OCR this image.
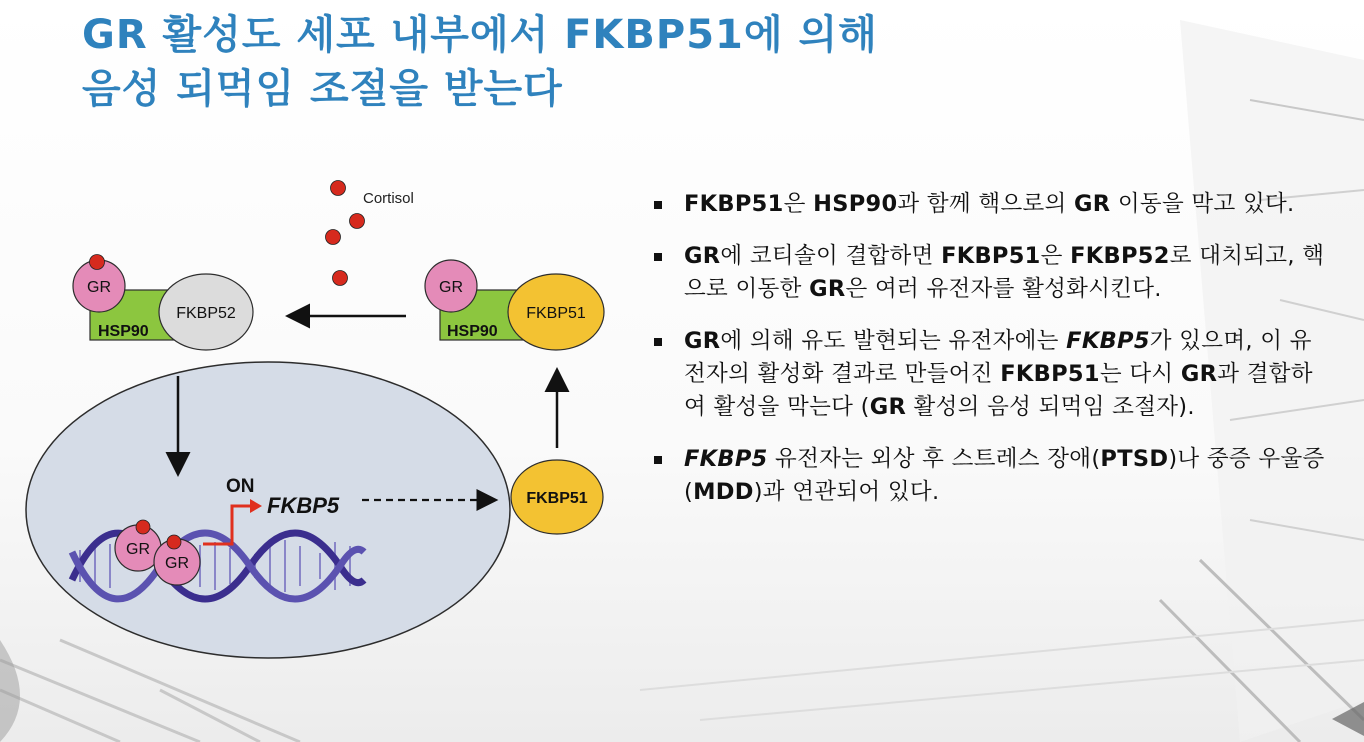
GR 활성도 세포 내부에서 FKBP51에 의해
음성 되먹임 조절을 받는다
Cortisol
GR
HSP90
FKBP52
GR
HSP90
FKBP51
FKBP51
GR
GR
ON
FKBP5
FKBP51은 HSP90과 함께 핵으로의 GR 이동을 막고 있다.
GR에 코티솔이 결합하면 FKBP51은 FKBP52로 대치되고, 핵으로 이동한 GR은 여러 유전자를 활성화시킨다.
GR에 의해 유도 발현되는 유전자에는 FKBP5가 있으며, 이 유전자의 활성화 결과로 만들어진 FKBP51는 다시 GR과 결합하여 활성을 막는다 (GR 활성의 음성 되먹임 조절자).
FKBP5 유전자는 외상 후 스트레스 장애(PTSD)나 중증 우울증(MDD)과 연관되어 있다.
